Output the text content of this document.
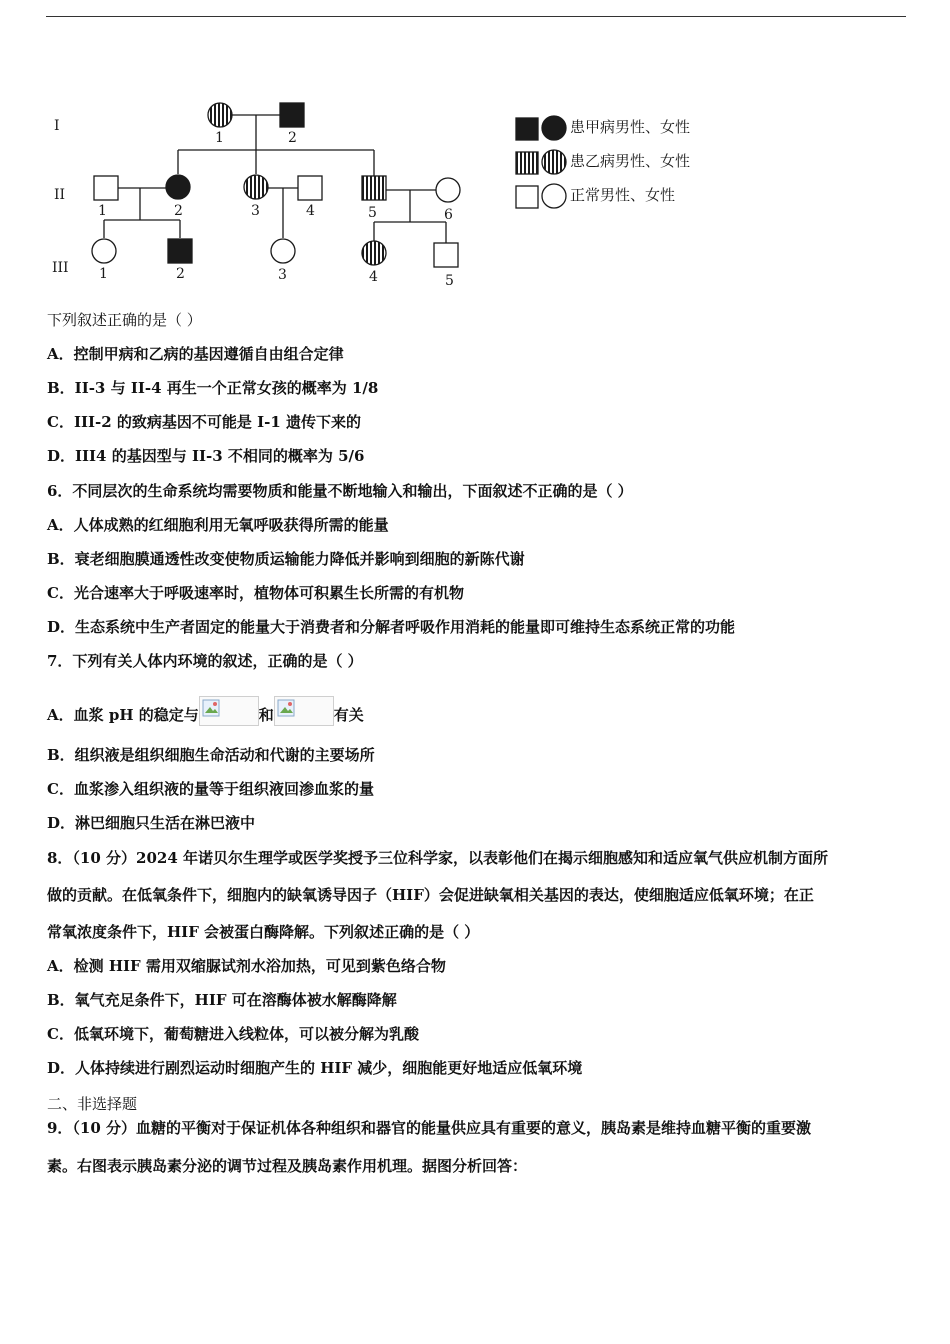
I
II
III
1	2
1	2	3	4	5	6
1	2	3	4	5
患甲病男性、女性
患乙病男性、女性
正常男性、女性
下列叙述正确的是（ ）
A．控制甲病和乙病的基因遵循自由组合定律
B．II-3 与 II-4 再生一个正常女孩的概率为 1/8
C．III-2 的致病基因不可能是 I-1 遗传下来的
D．III4 的基因型与 II-3 不相同的概率为 5/6
6．不同层次的生命系统均需要物质和能量不断地输入和输出，下面叙述不正确的是（ ）
A．人体成熟的红细胞利用无氧呼吸获得所需的能量
B．衰老细胞膜通透性改变使物质运输能力降低并影响到细胞的新陈代谢
C．光合速率大于呼吸速率时，植物体可积累生长所需的有机物
D．生态系统中生产者固定的能量大于消费者和分解者呼吸作用消耗的能量即可维持生态系统正常的功能
7．下列有关人体内环境的叙述，正确的是（ ）
A．血浆 pH 的稳定与	和	有关
B．组织液是组织细胞生命活动和代谢的主要场所
C．血浆渗入组织液的量等于组织液回渗血浆的量
D．淋巴细胞只生活在淋巴液中
8．（10 分）2024 年诺贝尔生理学或医学奖授予三位科学家，以表彰他们在揭示细胞感知和适应氧气供应机制方面所
做的贡献。在低氧条件下，细胞内的缺氧诱导因子（HIF）会促进缺氧相关基因的表达，使细胞适应低氧环境；在正
常氧浓度条件下，HIF 会被蛋白酶降解。下列叙述正确的是（ ）
A．检测 HIF 需用双缩脲试剂水浴加热，可见到紫色络合物
B．氧气充足条件下，HIF 可在溶酶体被水解酶降解
C．低氧环境下，葡萄糖进入线粒体，可以被分解为乳酸
D．人体持续进行剧烈运动时细胞产生的 HIF 减少，细胞能更好地适应低氧环境
二、非选择题
9．（10 分）血糖的平衡对于保证机体各种组织和器官的能量供应具有重要的意义，胰岛素是维持血糖平衡的重要激
素。右图表示胰岛素分泌的调节过程及胰岛素作用机理。据图分析回答：
